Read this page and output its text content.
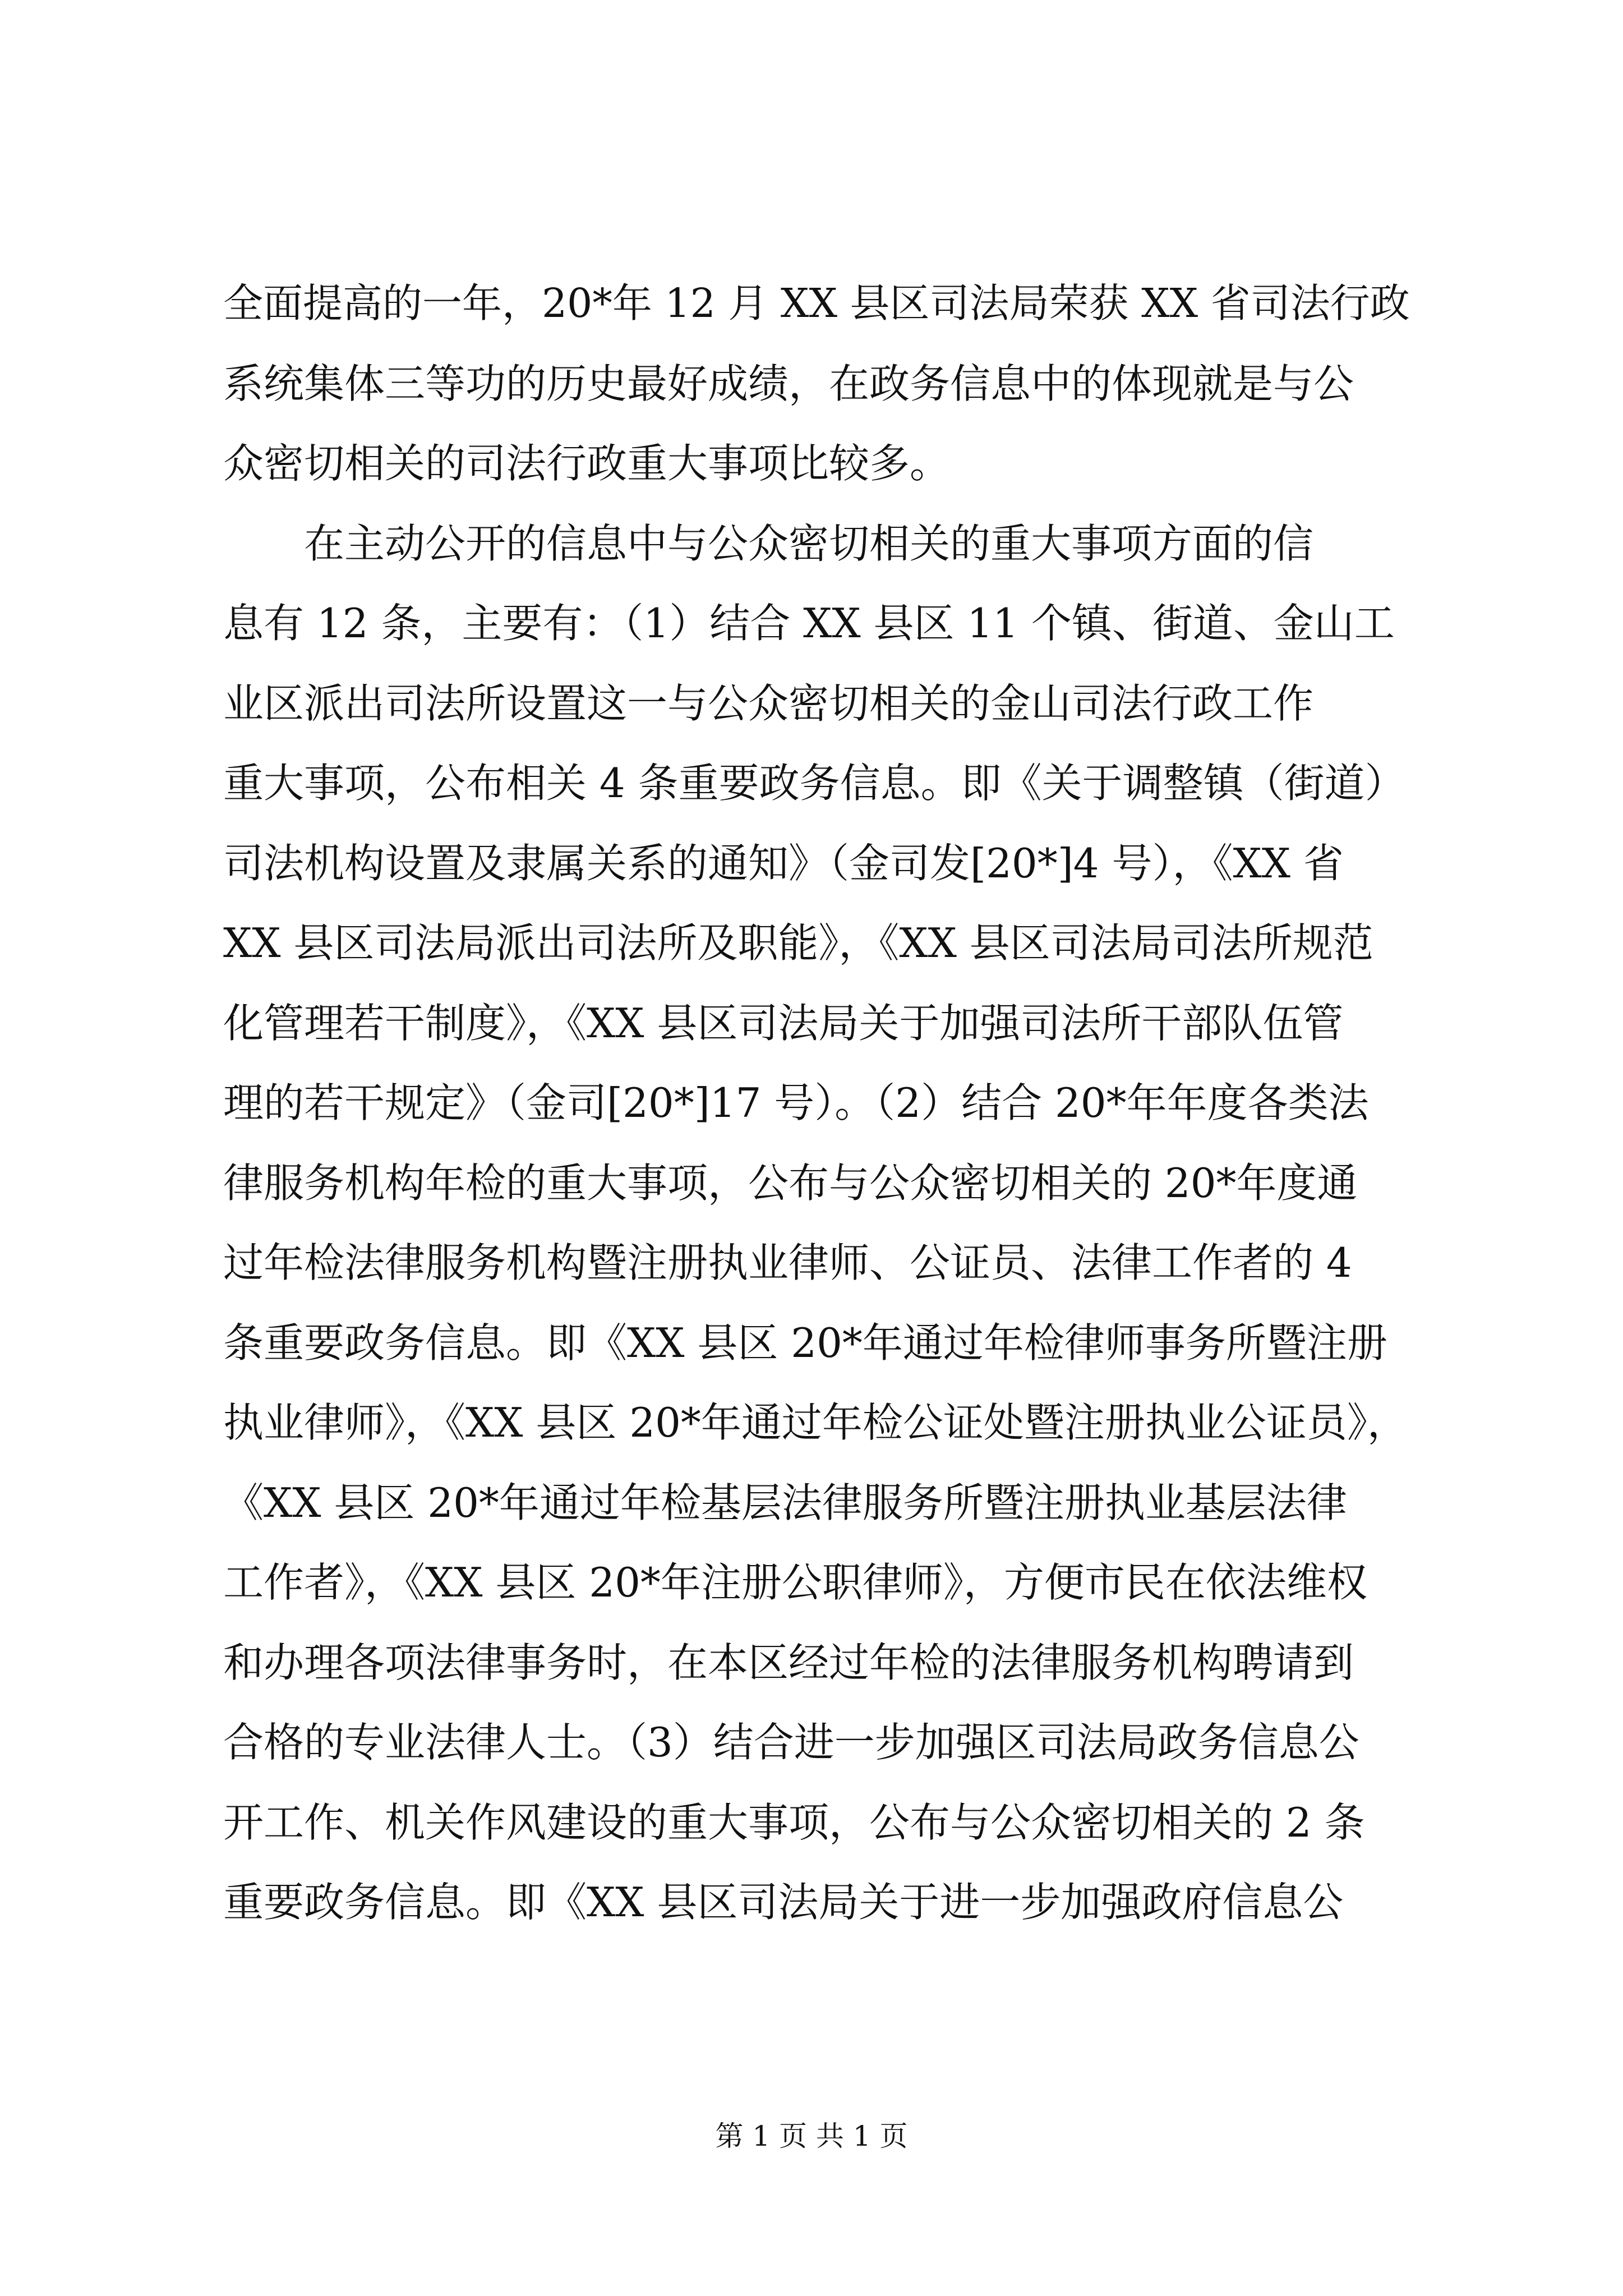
全面提高的一年，20*年 12 月 XX 县区司法局荣获 XX 省司法行政
系统集体三等功的历史最好成绩，在政务信息中的体现就是与公
众密切相关的司法行政重大事项比较多。
在主动公开的信息中与公众密切相关的重大事项方面的信
息有 12 条，主要有：（1）结合 XX 县区 11 个镇、街道、金山工
业区派出司法所设置这一与公众密切相关的金山司法行政工作
重大事项，公布相关 4 条重要政务信息。即《关于调整镇（街道）
司法机构设置及隶属关系的通知》（金司发[20*]4 号），《XX 省
XX 县区司法局派出司法所及职能》，《XX 县区司法局司法所规范
化管理若干制度》，《XX 县区司法局关于加强司法所干部队伍管
理的若干规定》（金司[20*]17 号）。（2）结合 20*年年度各类法
律服务机构年检的重大事项，公布与公众密切相关的 20*年度通
过年检法律服务机构暨注册执业律师、公证员、法律工作者的 4
条重要政务信息。即《XX 县区 20*年通过年检律师事务所暨注册
执业律师》，《XX 县区 20*年通过年检公证处暨注册执业公证员》，
《XX 县区 20*年通过年检基层法律服务所暨注册执业基层法律
工作者》，《XX 县区 20*年注册公职律师》，方便市民在依法维权
和办理各项法律事务时，在本区经过年检的法律服务机构聘请到
合格的专业法律人士。（3）结合进一步加强区司法局政务信息公
开工作、机关作风建设的重大事项，公布与公众密切相关的 2 条
重要政务信息。即《XX 县区司法局关于进一步加强政府信息公
第 1 页 共 1 页
